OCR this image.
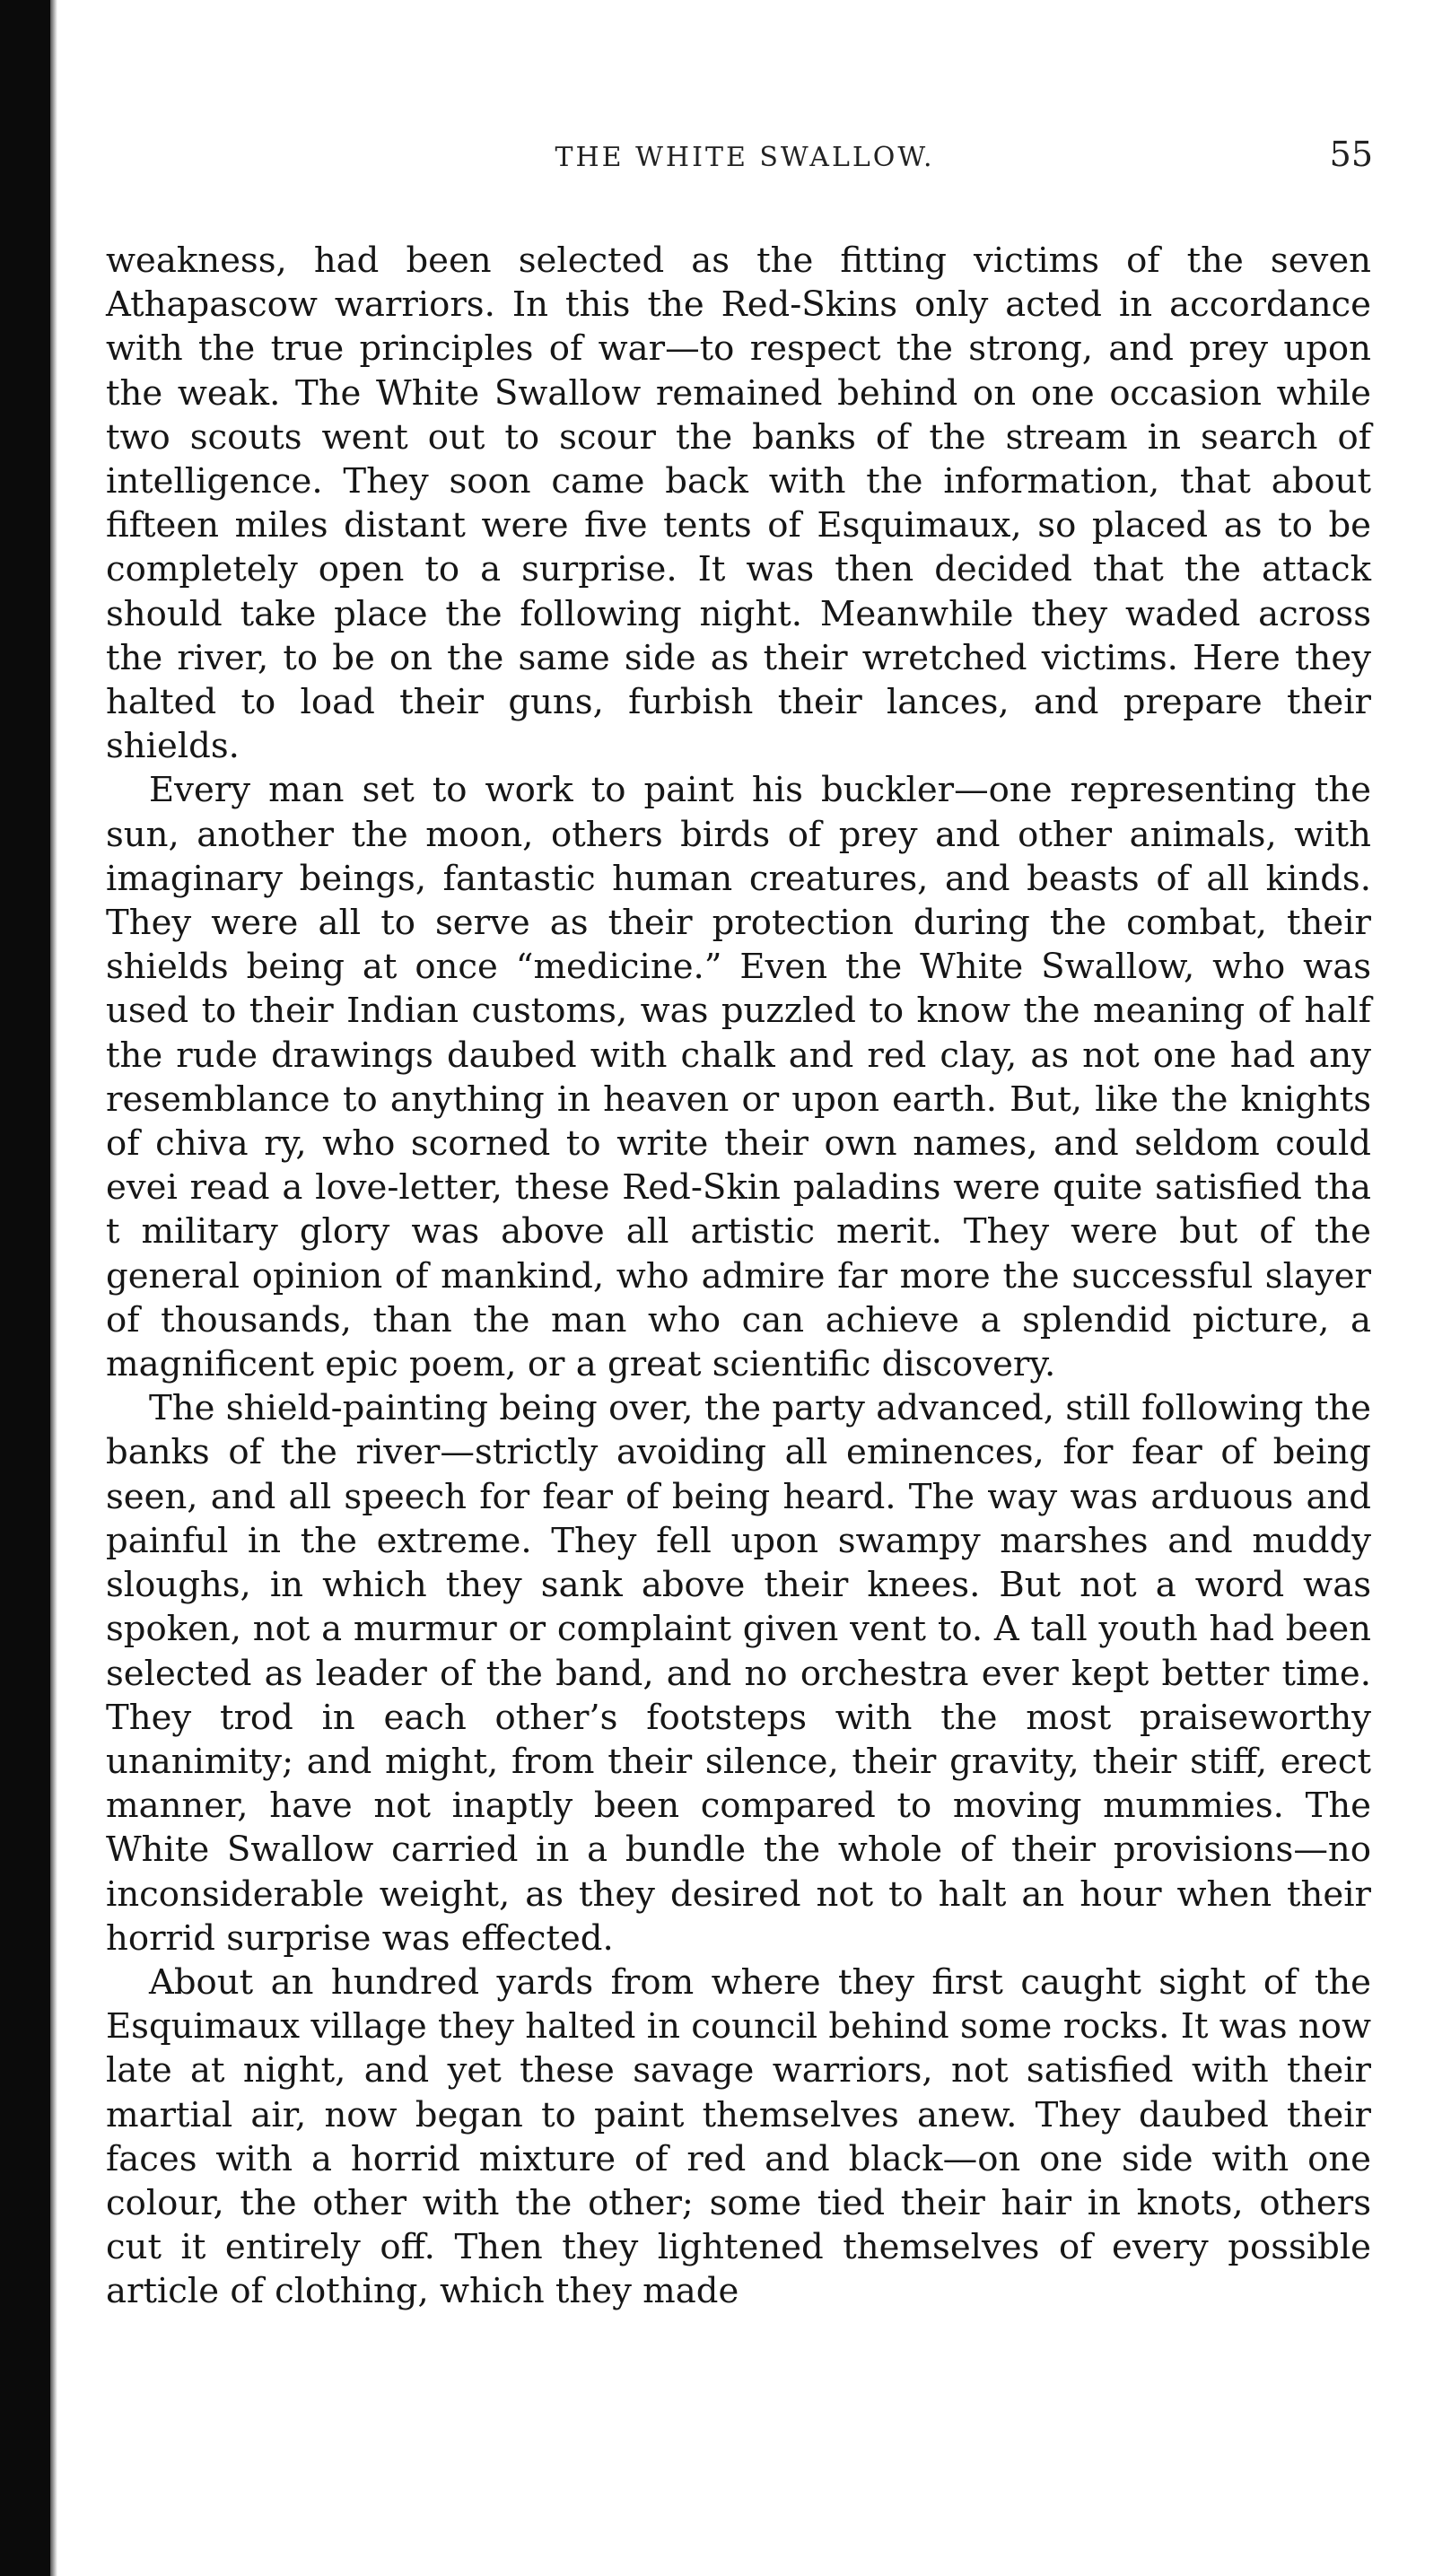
THE WHITE SWALLOW.	55

weakness, had been selected as the fitting victims of the seven Athapascow warriors. In this the Red-Skins only acted in accordance with the true principles of war—to respect the strong, and prey upon the weak. The White Swallow remained behind on one occasion while two scouts went out to scour the banks of the stream in search of intelligence. They soon came back with the information, that about fifteen miles distant were five tents of Esquimaux, so placed as to be completely open to a surprise. It was then decided that the attack should take place the following night. Meanwhile they waded across the river, to be on the same side as their wretched victims. Here they halted to load their guns, furbish their lances, and prepare their shields.

Every man set to work to paint his buckler—one representing the sun, another the moon, others birds of prey and other animals, with imaginary beings, fantastic human creatures, and beasts of all kinds. They were all to serve as their protection during the combat, their shields being at once “medicine.” Even the White Swallow, who was used to their Indian customs, was puzzled to know the meaning of half the rude drawings daubed with chalk and red clay, as not one had any resemblance to anything in heaven or upon earth. But, like the knights of chiva ry, who scorned to write their own names, and seldom could evei read a love-letter, these Red-Skin paladins were quite satisfied tha t military glory was above all artistic merit. They were but of the general opinion of mankind, who admire far more the successful slayer of thousands, than the man who can achieve a splendid picture, a magnificent epic poem, or a great scientific discovery.

The shield-painting being over, the party advanced, still following the banks of the river—strictly avoiding all eminences, for fear of being seen, and all speech for fear of being heard. The way was arduous and painful in the extreme. They fell upon swampy marshes and muddy sloughs, in which they sank above their knees. But not a word was spoken, not a murmur or complaint given vent to. A tall youth had been selected as leader of the band, and no orchestra ever kept better time. They trod in each other’s footsteps with the most praiseworthy unanimity; and might, from their silence, their gravity, their stiff, erect manner, have not inaptly been compared to moving mummies. The White Swallow carried in a bundle the whole of their provisions—no inconsiderable weight, as they desired not to halt an hour when their horrid surprise was effected.

About an hundred yards from where they first caught sight of the Esquimaux village they halted in council behind some rocks. It was now late at night, and yet these savage warriors, not satisfied with their martial air, now began to paint themselves anew. They daubed their faces with a horrid mixture of red and black—on one side with one colour, the other with the other; some tied their hair in knots, others cut it entirely off. Then they lightened themselves of every possible article of clothing, which they made
